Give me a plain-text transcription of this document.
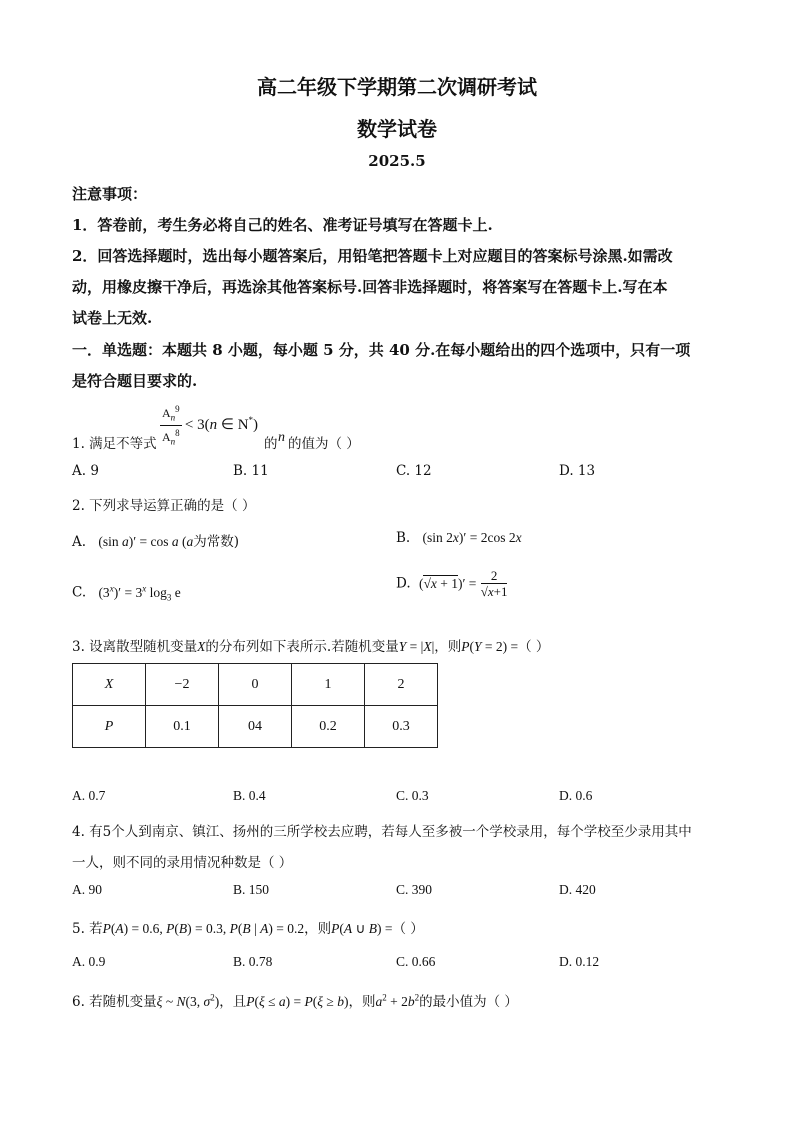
高二年级下学期第二次调研考试
数学试卷
2025.5
注意事项：
1．答卷前，考生务必将自己的姓名、准考证号填写在答题卡上.
2．回答选择题时，选出每小题答案后，用铅笔把答题卡上对应题目的答案标号涂黑.如需改
动，用橡皮擦干净后，再选涂其他答案标号.回答非选择题时，将答案写在答题卡上.写在本
试卷上无效.
一．单选题：本题共 8 小题，每小题 5 分，共 40 分.在每小题给出的四个选项中，只有一项
是符合题目要求的.
1. 满足不等式 $\frac{A_n^9}{A_n^8} < 3(n$ ∈ N*)
的 n 的值为（ ）
A. 9	B. 11	C. 12	D. 13
2. 下列求导运算正确的是（ ）
A. (sin a)′ = cos a (a为常数)	B. (sin 2x)′ = 2cos 2x
C. $(3^x)' = 3^x$ $\log_3 e$
D. $(√x + 1)' = \frac{2}{√x+1}$
3. 设离散型随机变量X的分布列如下表所示.若随机变量Y = |X|，则P(Y = 2) =（ ）
X	−2	0	1	2
P	0.1	04	0.2	0.3
A. 0.7	B. 0.4	C. 0.3	D. 0.6
4. 有5个人到南京、镇江、扬州的三所学校去应聘，若每人至多被一个学校录用，每个学校至少录用其中
一人，则不同的录用情况种数是（ ）
A. 90	B. 150	C. 390	D. 420
5. 若P(A) = 0.6, P(B) = 0.3, P(B | A) = 0.2，则P(A ∪ B) =（ ）
A. 0.9	B. 0.78	C. 0.66	D. 0.12
6. 若随机变量ξ ~ N(3, $\sigma^2$)，且P(ξ ≤ a) = P(ξ ≥ b)，则$a^2 + 2b^2$的最小值为（ ）
